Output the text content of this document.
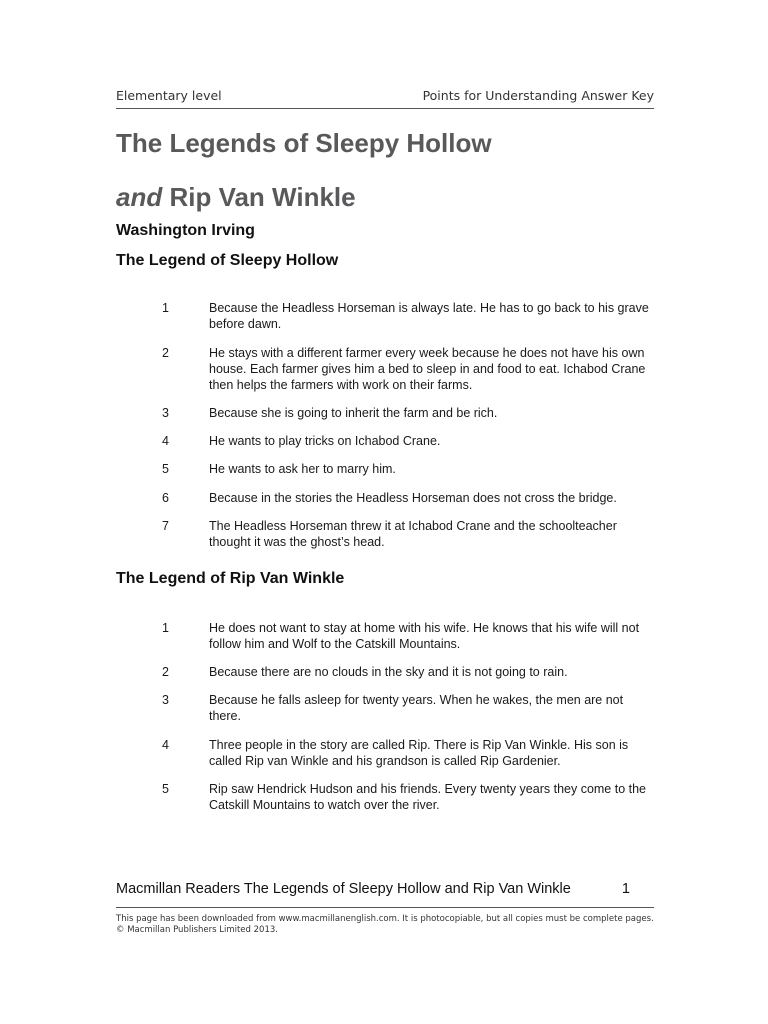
Elementary level	Points for Understanding Answer Key
The Legends of Sleepy Hollow
and Rip Van Winkle
Washington Irving
The Legend of Sleepy Hollow
1	Because the Headless Horseman is always late. He has to go back to his grave before dawn.
2	He stays with a different farmer every week because he does not have his own house. Each farmer gives him a bed to sleep in and food to eat. Ichabod Crane then helps the farmers with work on their farms.
3	Because she is going to inherit the farm and be rich.
4	He wants to play tricks on Ichabod Crane.
5	He wants to ask her to marry him.
6	Because in the stories the Headless Horseman does not cross the bridge.
7	The Headless Horseman threw it at Ichabod Crane and the schoolteacher thought it was the ghost’s head.
The Legend of Rip Van Winkle
1	He does not want to stay at home with his wife. He knows that his wife will not follow him and Wolf to the Catskill Mountains.
2	Because there are no clouds in the sky and it is not going to rain.
3	Because he falls asleep for twenty years. When he wakes, the men are not there.
4	Three people in the story are called Rip. There is Rip Van Winkle. His son is called Rip van Winkle and his grandson is called Rip Gardenier.
5	Rip saw Hendrick Hudson and his friends. Every twenty years they come to the Catskill Mountains to watch over the river.
Macmillan Readers The Legends of Sleepy Hollow and Rip Van Winkle	1
This page has been downloaded from www.macmillanenglish.com. It is photocopiable, but all copies must be complete pages.
© Macmillan Publishers Limited 2013.
